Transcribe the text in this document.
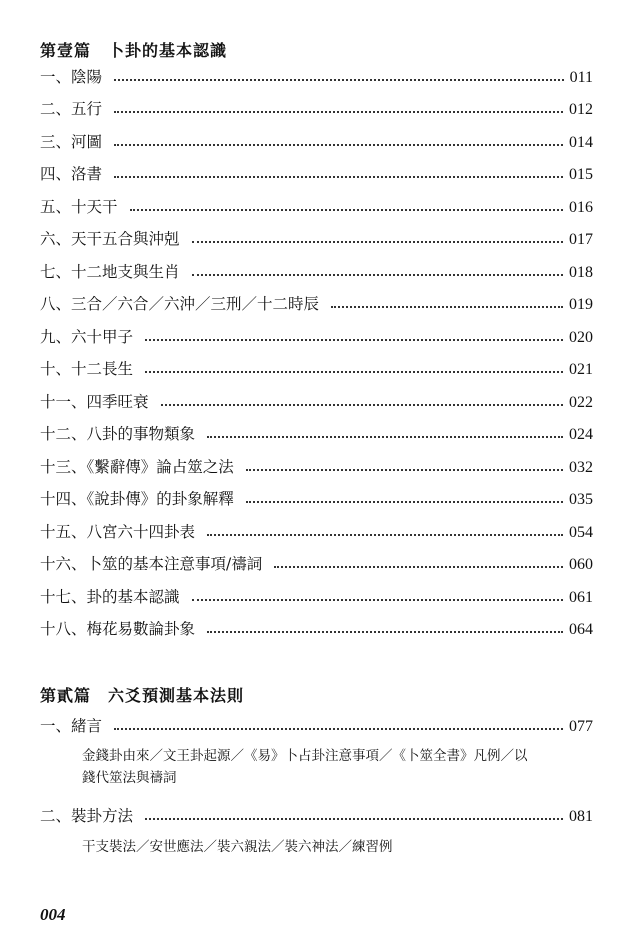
第壹篇　卜卦的基本認識
一、陰陽	011
二、五行	012
三、河圖	014
四、洛書	015
五、十天干	016
六、天干五合與沖剋	017
七、十二地支與生肖	018
八、三合／六合／六沖／三刑／十二時辰	019
九、六十甲子	020
十、十二長生	021
十一、四季旺衰	022
十二、八卦的事物類象	024
十三、《繫辭傳》論占筮之法	032
十四、《說卦傳》的卦象解釋	035
十五、八宮六十四卦表	054
十六、卜筮的基本注意事項/禱詞	060
十七、卦的基本認識	061
十八、梅花易數論卦象	064
第貳篇　六爻預測基本法則
一、緒言	077
金錢卦由來／文王卦起源／《易》卜占卦注意事項／《卜筮全書》凡例／以
錢代筮法與禱詞
二、裝卦方法	081
干支裝法／安世應法／裝六親法／裝六神法／練習例
004
